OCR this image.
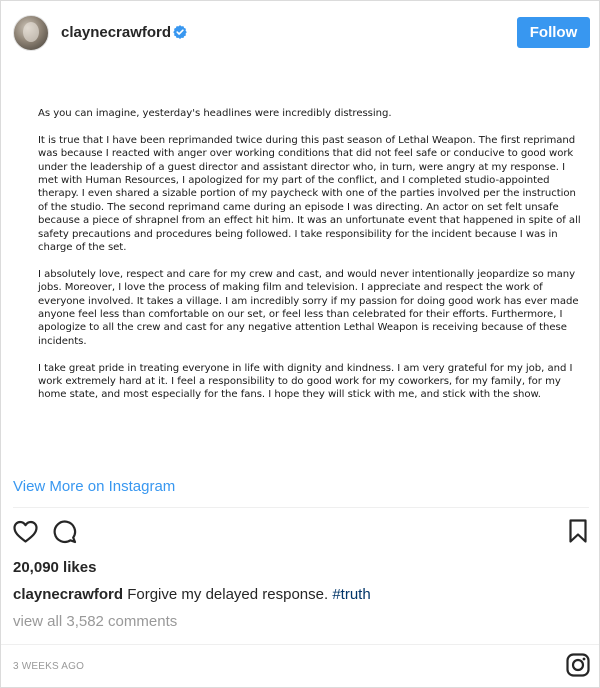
claynecrawford	Follow

As you can imagine, yesterday's headlines were incredibly distressing.

It is true that I have been reprimanded twice during this past season of Lethal Weapon. The first reprimand was because I reacted with anger over working conditions that did not feel safe or conducive to good work under the leadership of a guest director and assistant director who, in turn, were angry at my response. I met with Human Resources, I apologized for my part of the conflict, and I completed studio-appointed therapy. I even shared a sizable portion of my paycheck with one of the parties involved per the instruction of the studio. The second reprimand came during an episode I was directing. An actor on set felt unsafe because a piece of shrapnel from an effect hit him. It was an unfortunate event that happened in spite of all safety precautions and procedures being followed. I take responsibility for the incident because I was in charge of the set.

I absolutely love, respect and care for my crew and cast, and would never intentionally jeopardize so many jobs. Moreover, I love the process of making film and television. I appreciate and respect the work of everyone involved. It takes a village. I am incredibly sorry if my passion for doing good work has ever made anyone feel less than comfortable on our set, or feel less than celebrated for their efforts. Furthermore, I apologize to all the crew and cast for any negative attention Lethal Weapon is receiving because of these incidents.

I take great pride in treating everyone in life with dignity and kindness. I am very grateful for my job, and I work extremely hard at it. I feel a responsibility to do good work for my coworkers, for my family, for my home state, and most especially for the fans. I hope they will stick with me, and stick with the show.

View More on Instagram
20,090 likes
claynecrawford Forgive my delayed response. #truth
view all 3,582 comments
3 WEEKS AGO
